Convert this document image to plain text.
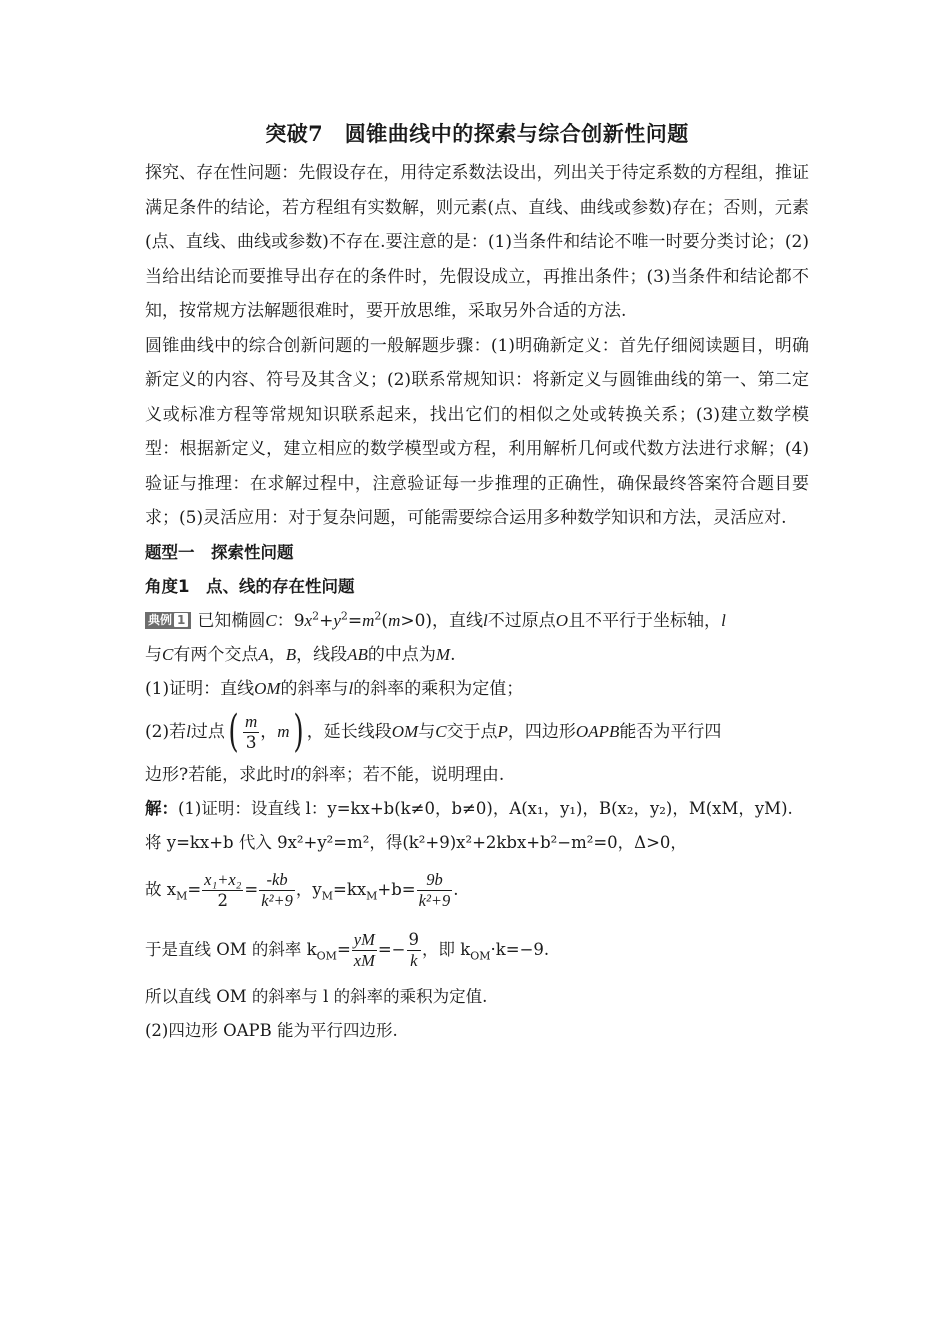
突破7　圆锥曲线中的探索与综合创新性问题

探究、存在性问题：先假设存在，用待定系数法设出，列出关于待定系数的方程组，推证满足条件的结论，若方程组有实数解，则元素(点、直线、曲线或参数)存在；否则，元素(点、直线、曲线或参数)不存在.要注意的是：(1)当条件和结论不唯一时要分类讨论；(2)当给出结论而要推导出存在的条件时，先假设成立，再推出条件；(3)当条件和结论都不知，按常规方法解题很难时，要开放思维，采取另外合适的方法.

圆锥曲线中的综合创新问题的一般解题步骤：(1)明确新定义：首先仔细阅读题目，明确新定义的内容、符号及其含义；(2)联系常规知识：将新定义与圆锥曲线的第一、第二定义或标准方程等常规知识联系起来，找出它们的相似之处或转换关系；(3)建立数学模型：根据新定义，建立相应的数学模型或方程，利用解析几何或代数方法进行求解；(4)验证与推理：在求解过程中，注意验证每一步推理的正确性，确保最终答案符合题目要求；(5)灵活应用：对于复杂问题，可能需要综合运用多种数学知识和方法，灵活应对.

题型一　探索性问题

角度1　点、线的存在性问题

典例 1 已知椭圆C：$9x^2+y^2=m^2(m>0)$，直线l不过原点O且不平行于坐标轴，l

与C有两个交点A，B，线段AB的中点为M.

(1)证明：直线OM的斜率与l的斜率的乘积为定值；

(2)若l过点 ( $\frac{m}{3}$ ， m ) ，延长线段OM与C交于点P，四边形OAPB能否为平行四

边形?若能，求此时l的斜率；若不能，说明理由.

解：(1)证明：设直线 l：y=kx+b(k≠0，b≠0)，A(x₁，y₁)，B(x₂，y₂)，M(xM，yM).

将 y=kx+b 代入 9x²+y²=m²，得(k²+9)x²+2kbx+b²−m²=0，Δ>0，

故 $x_M= \frac{\text{x₁+x₂}}{2} = \frac{-kb}{\text{k²+9}}$ ，$y_M=kx_M+b= \frac{9b}{\text{k²+9}}$ .

于是直线 OM 的斜率 $k_{OM}= \frac{yM}{xM} =- \frac{9}{k}$ ，即 $k_{OM}\cdot k=-9$.

所以直线 OM 的斜率与 l 的斜率的乘积为定值.

(2)四边形 OAPB 能为平行四边形.
